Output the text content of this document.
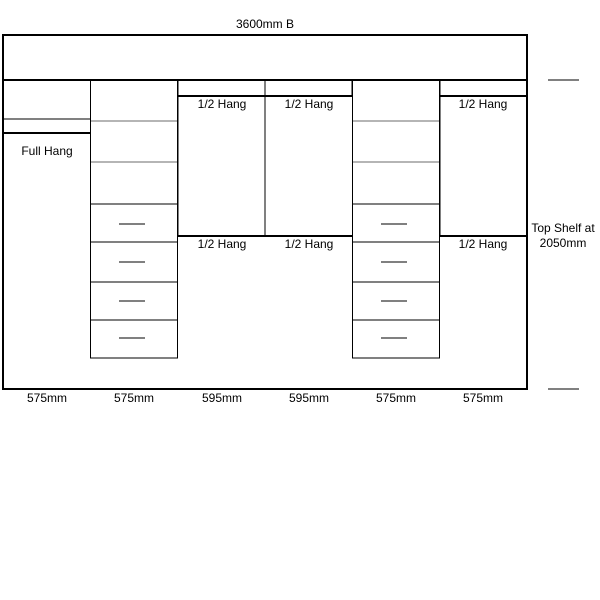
3600mm B
Full Hang
1/2 Hang
1/2 Hang
1/2 Hang
1/2 Hang
1/2 Hang
1/2 Hang
575mm	575mm	595mm	595mm	575mm	575mm
Top Shelf at
2050mm
